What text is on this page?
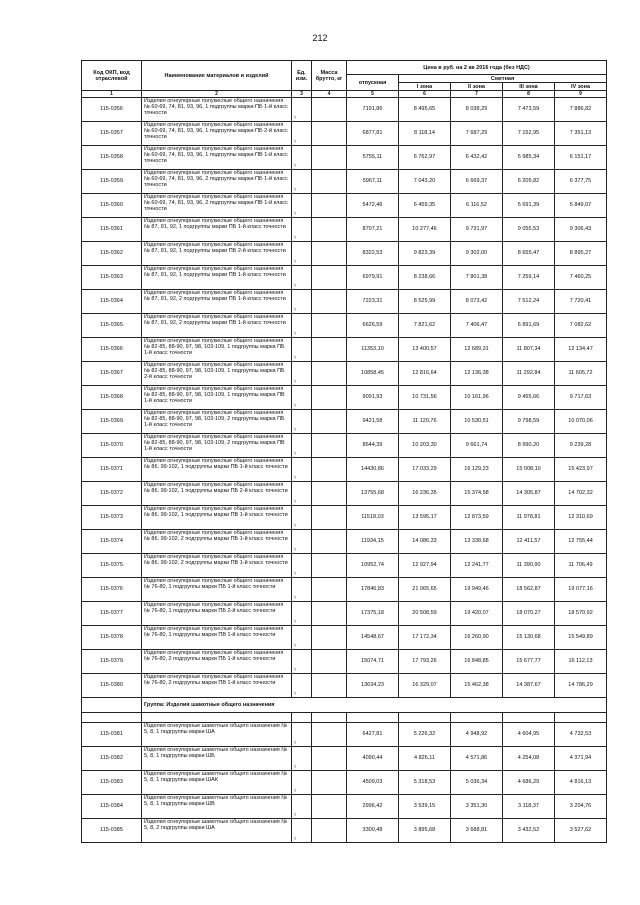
212
Код ОКП, вод отраслевой	Наименование материалов и изделий	Ед. изм.	Масса брутто, кг	Цена в руб. на 2 кв 2016 года (без НДС)				
				отпускная	Сметная			
					I зона	II зона	III зона	IV зона
1	2	3	4	5	6	7	8	9
115-0356	Изделия огнеупорные полукислые общего назначения № 60-69, 74, 81, 93, 96, 1 подгруппы марки ПБ 1-й класс точности	т		7191,86	8 495,65	8 038,29	7 473,59	7 886,82
115-0357	Изделия огнеупорные полукислые общего назначения № 60-69, 74, 81, 93, 96, 1 подгруппы марки ПБ 2-й класс точности	т		6877,81	8 118,14	7 687,29	7 152,95	7 351,13
115-0358	Изделия огнеупорные полукислые общего назначения № 60-69, 74, 81, 93, 96, 1 подгруппы марки ПВ 1-й класс точности	т		5755,11	6 762,97	6 432,42	5 985,34	6 151,17
115-0359	Изделия огнеупорные полукислые общего назначения № 60-69, 74, 81, 93, 96, 2 подгруппы марки ПБ 1-й класс точности	т		5967,11	7 043,20	6 669,37	6 205,82	6 377,75
115-0360	Изделия огнеупорные полукислые общего назначения № 60-69, 74, 81, 93, 96, 2 подгруппы марки ПВ 1-й класс точности	т		5472,46	6 459,35	6 116,52	5 691,39	5 849,07
115-0361	Изделия огнеупорные полукислые общего назначения № 87, 91, 92, 1 подгруппы марки ПБ 1-й класс точности	т		8707,21	10 277,46	9 731,97	9 055,53	9 306,43
115-0362	Изделия огнеупорные полукислые общего назначения № 87, 91, 92, 1 подгруппы марки ПБ 2-й класс точности	т		8322,53	9 823,39	9 302,00	8 655,47	8 895,27
115-0363	Изделия огнеупорные полукислые общего назначения № 87, 91, 92, 1 подгруппы марки ПВ 1-й класс точности	т		6979,91	8 238,66	7 801,38	7 259,14	7 460,25
115-0364	Изделия огнеупорные полукислые общего назначения № 87, 91, 92, 2 подгруппы марки ПБ 1-й класс точности	т		7223,31	8 525,99	8 073,42	7 512,24	7 720,41
115-0365	Изделия огнеупорные полукислые общего назначения № 87, 91, 92, 2 подгруппы марки ПВ 1-й класс точности	т		6626,59	7 821,62	7 406,47	6 891,69	7 082,62
115-0366	Изделия огнеупорные полукислые общего назначения № 82-85, 88-90, 97, 98, 103-109, 1 подгруппы марки ПБ 1-й класс точности	т		11353,10	13 400,57	12 689,31	11 807,34	12 134,47
115-0367	Изделия огнеупорные полукислые общего назначения № 82-85, 88-90, 97, 98, 103-109, 1 подгруппы марки ПБ 2-й класс точности	т		10858,45	12 816,64	12 136,38	11 292,84	11 605,72
115-0368	Изделия огнеупорные полукислые общего назначения № 82-85, 88-90, 97, 98, 103-109, 1 подгруппы марки ПВ 1-й класс точности	т		9091,93	10 731,56	10 161,96	9 455,66	9 717,63
115-0369	Изделия огнеупорные полукислые общего назначения № 82-85, 88-90, 97, 98, 103-109, 2 подгруппы марки ПБ 1-й класс точности	т		9421,58	11 120,76	10 530,51	9 798,59	10 070,06
115-0370	Изделия огнеупорные полукислые общего назначения № 82-85, 88-90, 97, 98, 103-109, 2 подгруппы марки ПВ 1-й класс точности	т		8644,39	10 203,30	9 661,74	8 990,20	9 239,28
115-0371	Изделия огнеупорные полукислые общего назначения № 86, 99-102, 1 подгруппы марки ПБ 1-й класс точности	т		14430,86	17 033,29	16 129,23	15 008,10	15 423,97
115-0372	Изделия огнеупорные полукислые общего назначения № 86, 99-102, 1 подгруппы марки ПБ 2-й класс точности	т		13755,68	16 236,35	15 374,58	14 305,87	14 702,32
115-0373	Изделия огнеупорные полукислые общего назначения № 86, 99-102, 1 подгруппы марки ПВ 1-й класс точности	т		11518,03	13 595,17	12 873,59	11 978,81	12 310,69
115-0374	Изделия огнеупорные полукислые общего назначения № 86, 99-102, 2 подгруппы марки ПБ 1-й класс точности	т		11934,15	14 086,33	13 338,68	12 411,57	12 755,44
115-0375	Изделия огнеупорные полукислые общего назначения № 86, 99-102, 2 подгруппы марки ПВ 1-й класс точности	т		10952,74	12 927,94	12 241,77	11 390,90	11 706,49
115-0376	Изделия огнеупорные полукислые общего назначения № 76-80, 1 подгруппы марки ПБ 1-й класс точности	т		17846,83	21 065,65	19 949,46	18 562,87	19 077,16
115-0377	Изделия огнеупорные полукислые общего назначения № 76-80, 1 подгруппы марки ПБ 2-й класс точности	т		17375,18	20 508,59	19 420,07	18 070,27	18 570,92
115-0378	Изделия огнеупорные полукислые общего назначения № 76-80, 1 подгруппы марки ПВ 1-й класс точности	т		14548,67	17 172,34	16 260,90	15 130,68	15 549,89
115-0379	Изделия огнеупорные полукислые общего назначения № 76-80, 2 подгруппы марки ПБ 1-й класс точности	т		15074,71	17 793,26	16 848,85	15 677,77	16 112,13
115-0380	Изделия огнеупорные полукислые общего назначения № 76-80, 2 подгруппы марки ПВ 1-й класс точности	т		13634,23	16 329,07	15 462,38	14 387,67	14 786,29
	Группа: Изделия шамотные общего назначения							

115-0381	Изделия огнеупорные шамотные общего назначения № 5, 8, 1 подгруппы марки ША	т		6427,81	5 226,32	4 948,92	4 604,95	4 732,53
115-0382	Изделия огнеупорные шамотные общего назначения № 5, 8, 1 подгруппы марки ШБ	т		4090,44	4 826,11	4 571,86	4 254,08	4 371,94
115-0383	Изделия огнеупорные шамотные общего назначения № 5, 8, 1 подгруппы марки ШАК	т		4509,03	5 318,53	5 036,34	4 686,29	4 816,13
115-0384	Изделия огнеупорные шамотные общего назначения № 5, 8, 1 подгруппы марки ШВ	т		2996,42	3 539,15	3 351,30	3 118,37	3 204,76
115-0385	Изделия огнеупорные шамотные общего назначения № 5, 8, 2 подгруппы марки ША	т		3300,48	3 895,68	3 688,81	3 432,52	3 527,62
